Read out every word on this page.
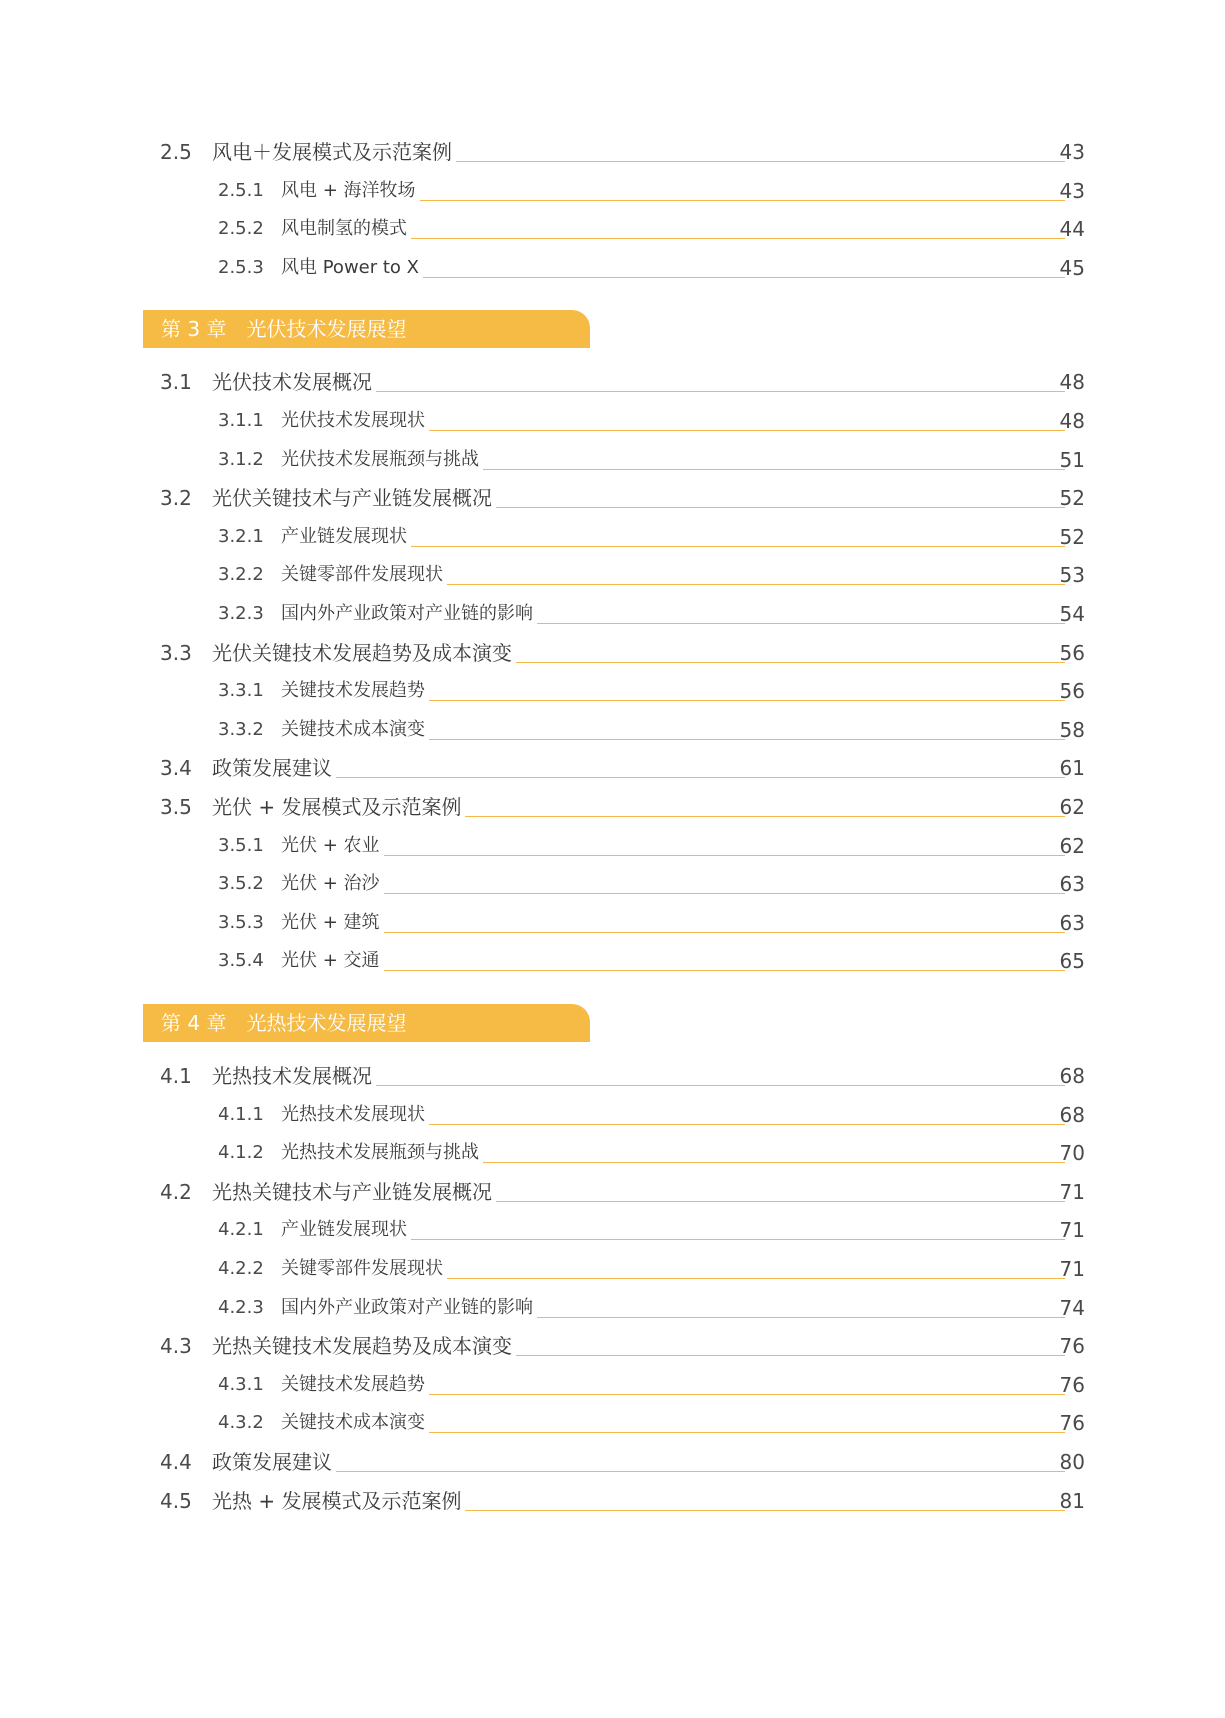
2.5 风电＋发展模式及示范案例	43
2.5.1 风电 + 海洋牧场	43
2.5.2 风电制氢的模式	44
2.5.3 风电 Power to X	45
第 3 章　光伏技术发展展望
3.1 光伏技术发展概况	48
3.1.1 光伏技术发展现状	48
3.1.2 光伏技术发展瓶颈与挑战	51
3.2 光伏关键技术与产业链发展概况	52
3.2.1 产业链发展现状	52
3.2.2 关键零部件发展现状	53
3.2.3 国内外产业政策对产业链的影响	54
3.3 光伏关键技术发展趋势及成本演变	56
3.3.1 关键技术发展趋势	56
3.3.2 关键技术成本演变	58
3.4 政策发展建议	61
3.5 光伏 + 发展模式及示范案例	62
3.5.1 光伏 + 农业	62
3.5.2 光伏 + 治沙	63
3.5.3 光伏 + 建筑	63
3.5.4 光伏 + 交通	65
第 4 章　光热技术发展展望
4.1 光热技术发展概况	68
4.1.1 光热技术发展现状	68
4.1.2 光热技术发展瓶颈与挑战	70
4.2 光热关键技术与产业链发展概况	71
4.2.1 产业链发展现状	71
4.2.2 关键零部件发展现状	71
4.2.3 国内外产业政策对产业链的影响	74
4.3 光热关键技术发展趋势及成本演变	76
4.3.1 关键技术发展趋势	76
4.3.2 关键技术成本演变	76
4.4 政策发展建议	80
4.5 光热 + 发展模式及示范案例	81
